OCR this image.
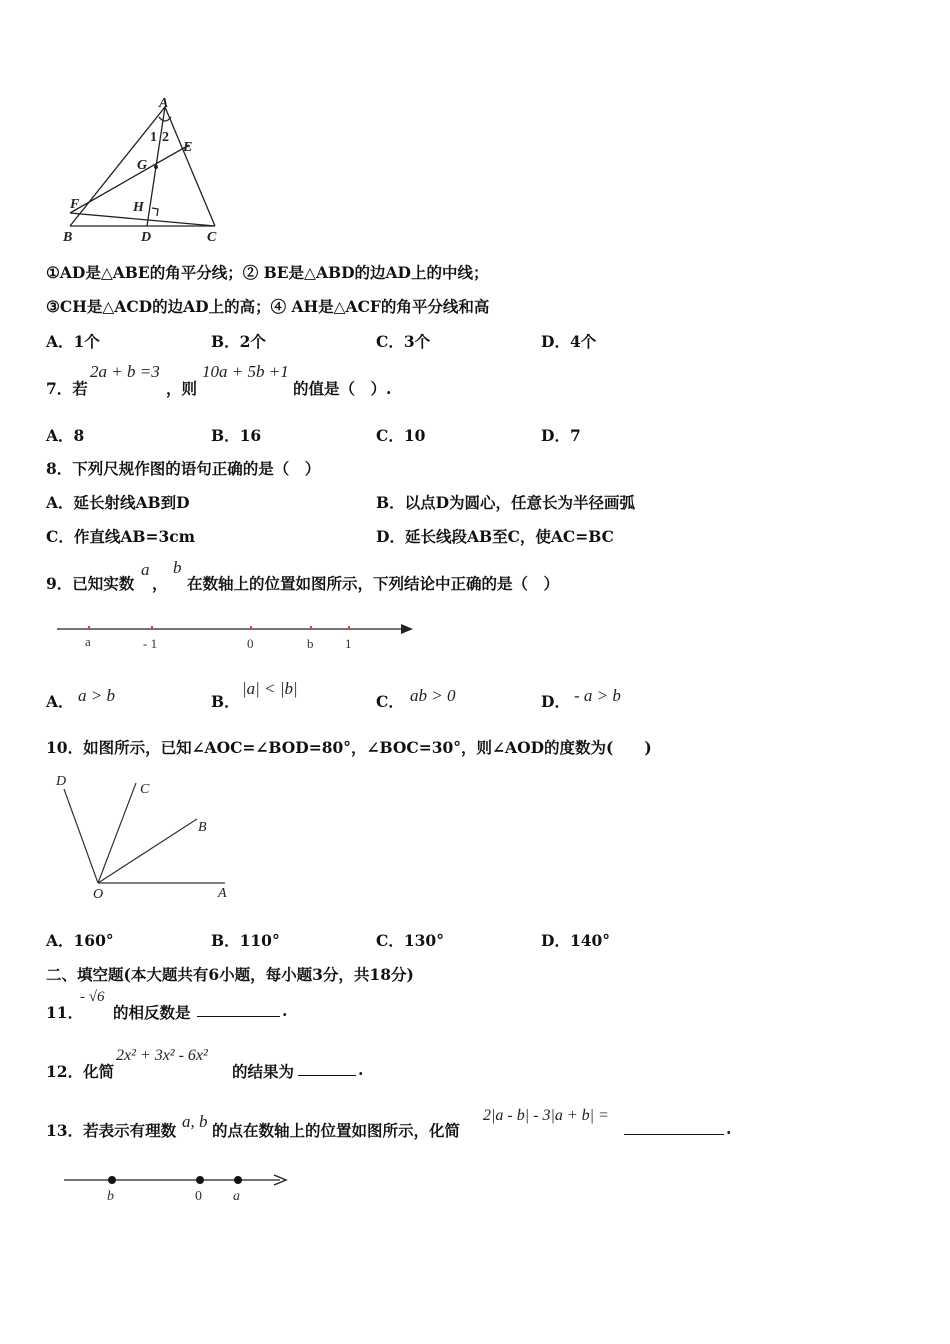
A
1 2
G
E
F	H
B	D	C
①AD是△ABE的角平分线；② BE是△ABD的边AD上的中线；
③CH是△ACD的边AD上的高；④ AH是△ACF的角平分线和高
A．1个	B．2个	C．3个	D．4个
7．若
2a + b =3
，则
10a + 5b +1
的值是（　）.
A．8	B．16	C．10	D．7
8．下列尺规作图的语句正确的是（　）
A．延长射线AB到D	B．以点D为圆心，任意长为半径画弧
C．作直线AB=3cm	D．延长线段AB至C，使AC=BC
9．已知实数
a
，
b
在数轴上的位置如图所示，下列结论中正确的是（　）
a	- 1	0	b 1
A． a > b	B．
|a| < |b|
C． ab > 0	D． - a > b
10．如图所示，已知∠AOC=∠BOD=80°，∠BOC=30°，则∠AOD的度数为(　　)
D
C
B
O	A
A．160°	B．110°	C．130°	D．140°
二、填空题(本大题共有6小题，每小题3分，共18分)
11．
- √6
的相反数是	.
12．化简
2x² + 3x² - 6x²
的结果为	.
13．若表示有理数 a, b 的点在数轴上的位置如图所示，化简
2|a - b| - 3|a + b| =
.
b	0 a
